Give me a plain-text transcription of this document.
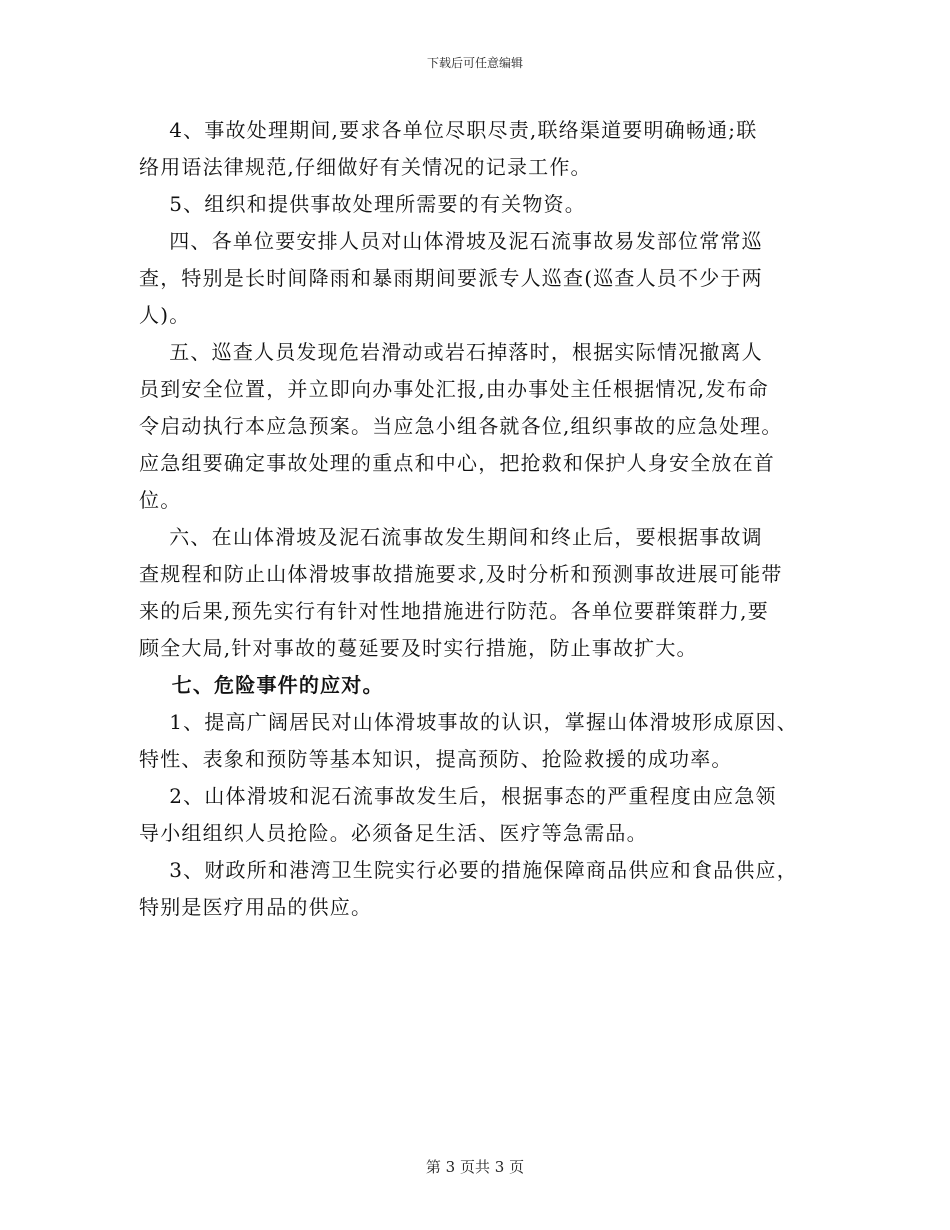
下载后可任意编辑

4、事故处理期间,要求各单位尽职尽责,联络渠道要明确畅通;联

络用语法律规范,仔细做好有关情况的记录工作。

5、组织和提供事故处理所需要的有关物资。

四、各单位要安排人员对山体滑坡及泥石流事故易发部位常常巡

查，特别是长时间降雨和暴雨期间要派专人巡查(巡查人员不少于两

人)。

五、巡查人员发现危岩滑动或岩石掉落时，根据实际情况撤离人

员到安全位置，并立即向办事处汇报,由办事处主任根据情况,发布命

令启动执行本应急预案。当应急小组各就各位,组织事故的应急处理。

应急组要确定事故处理的重点和中心，把抢救和保护人身安全放在首

位。

六、在山体滑坡及泥石流事故发生期间和终止后，要根据事故调

查规程和防止山体滑坡事故措施要求,及时分析和预测事故进展可能带

来的后果,预先实行有针对性地措施进行防范。各单位要群策群力,要

顾全大局,针对事故的蔓延要及时实行措施，防止事故扩大。

七、危险事件的应对。

1、提高广阔居民对山体滑坡事故的认识，掌握山体滑坡形成原因、

特性、表象和预防等基本知识，提高预防、抢险救援的成功率。

2、山体滑坡和泥石流事故发生后，根据事态的严重程度由应急领

导小组组织人员抢险。必须备足生活、医疗等急需品。

3、财政所和港湾卫生院实行必要的措施保障商品供应和食品供应，

特别是医疗用品的供应。

第 3 页共 3 页
